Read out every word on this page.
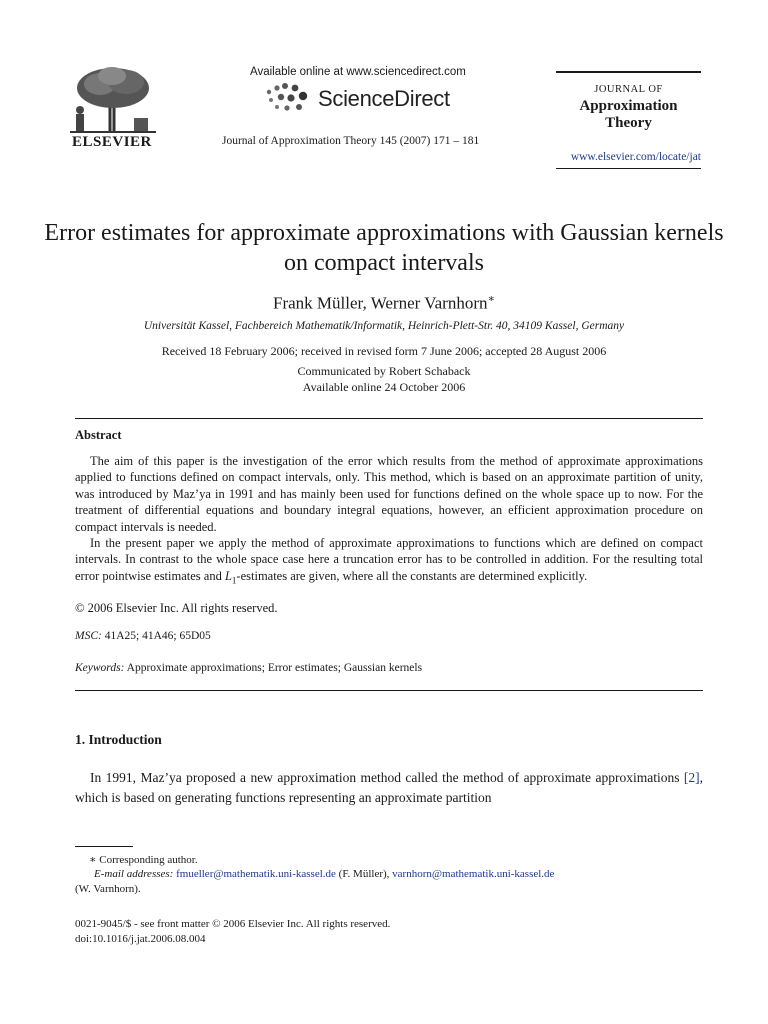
ELSEVIER
Available online at www.sciencedirect.com
ScienceDirect
Journal of Approximation Theory 145 (2007) 171 – 181
JOURNAL OF
Approximation Theory
www.elsevier.com/locate/jat
Error estimates for approximate approximations with Gaussian kernels on compact intervals
Frank Müller, Werner Varnhorn∗
Universität Kassel, Fachbereich Mathematik/Informatik, Heinrich-Plett-Str. 40, 34109 Kassel, Germany
Received 18 February 2006; received in revised form 7 June 2006; accepted 28 August 2006
Communicated by Robert Schaback
Available online 24 October 2006
Abstract

The aim of this paper is the investigation of the error which results from the method of approximate approximations applied to functions defined on compact intervals, only. This method, which is based on an approximate partition of unity, was introduced by Maz’ya in 1991 and has mainly been used for functions defined on the whole space up to now. For the treatment of differential equations and boundary integral equations, however, an efficient approximation procedure on compact intervals is needed.

In the present paper we apply the method of approximate approximations to functions which are defined on compact intervals. In contrast to the whole space case here a truncation error has to be controlled in addition. For the resulting total error pointwise estimates and $L_1$-estimates are given, where all the constants are determined explicitly.

© 2006 Elsevier Inc. All rights reserved.
MSC: 41A25; 41A46; 65D05
Keywords: Approximate approximations; Error estimates; Gaussian kernels
1. Introduction
In 1991, Maz’ya proposed a new approximation method called the method of approximate approximations [2], which is based on generating functions representing an approximate partition
∗ Corresponding author.
E-mail addresses: fmueller@mathematik.uni-kassel.de (F. Müller), varnhorn@mathematik.uni-kassel.de
(W. Varnhorn).
0021-9045/$ - see front matter © 2006 Elsevier Inc. All rights reserved.
doi:10.1016/j.jat.2006.08.004
